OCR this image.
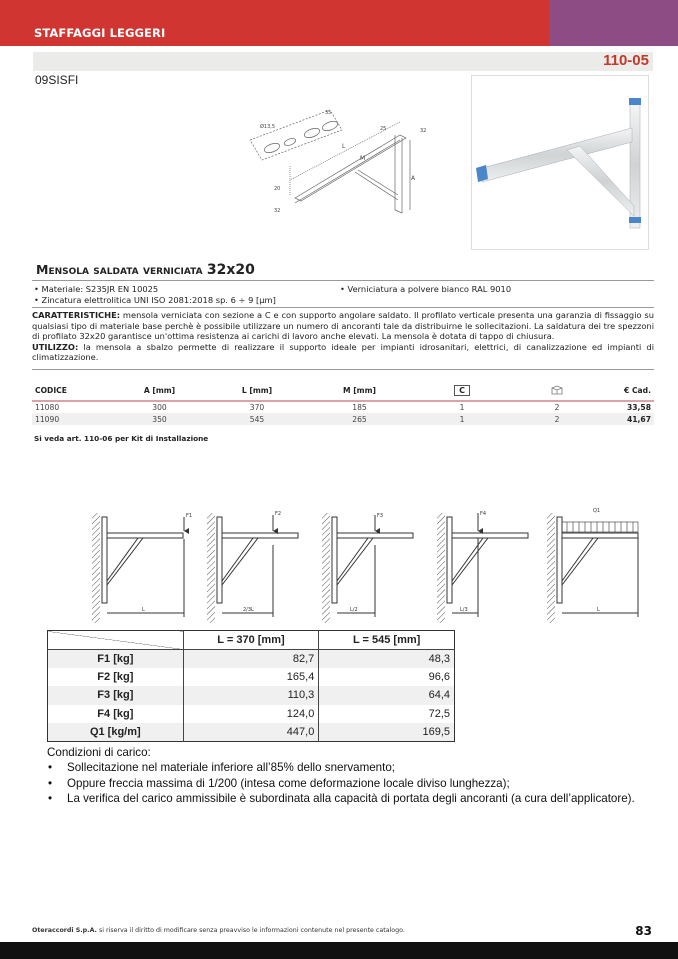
STAFFAGGI LEGGERI
110-05
09SISFI
A
L
M
20
32
25	32
Ø13,5
35
Mensola saldata verniciata 32x20
• Materiale: S235JR EN 10025
• Zincatura elettrolitica UNI ISO 2081:2018 sp. 6 ÷ 9 [µm]
• Verniciatura a polvere bianco RAL 9010
CARATTERISTICHE: mensola verniciata con sezione a C e con supporto angolare saldato. Il profilato verticale presenta una garanzia di fissaggio su qualsiasi tipo di materiale base perchè è possibile utilizzare un numero di ancoranti tale da distribuirne le sollecitazioni. La saldatura dei tre spezzoni di profilato 32x20 garantisce un'ottima resistenza ai carichi di lavoro anche elevati. La mensola è dotata di tappo di chiusura.
UTILIZZO: la mensola a sbalzo permette di realizzare il supporto ideale per impianti idrosanitari, elettrici, di canalizzazione ed impianti di climatizzazione.
CODICE	A [mm]	L [mm]	M [mm]	C		€ Cad.
11080	300	370	185	1	2	33,58
11090	350	545	265	1	2	41,67
Si veda art. 110-06 per Kit di Installazione
F1
L
F2
2/3L
F3
L/2
F4
L/3
Q1
L
	L = 370 [mm]	L = 545 [mm]
F1 [kg]	82,7	48,3
F2 [kg]	165,4	96,6
F3 [kg]	110,3	64,4
F4 [kg]	124,0	72,5
Q1 [kg/m]	447,0	169,5
Condizioni di carico:
• Sollecitazione nel materiale inferiore all’85% dello snervamento;
• Oppure freccia massima di 1/200 (intesa come deformazione locale diviso lunghezza);
• La verifica del carico ammissibile è subordinata alla capacità di portata degli ancoranti (a cura dell’applicatore).
Oteraccordi S.p.A. si riserva il diritto di modificare senza preavviso le informazioni contenute nel presente catalogo.	83
